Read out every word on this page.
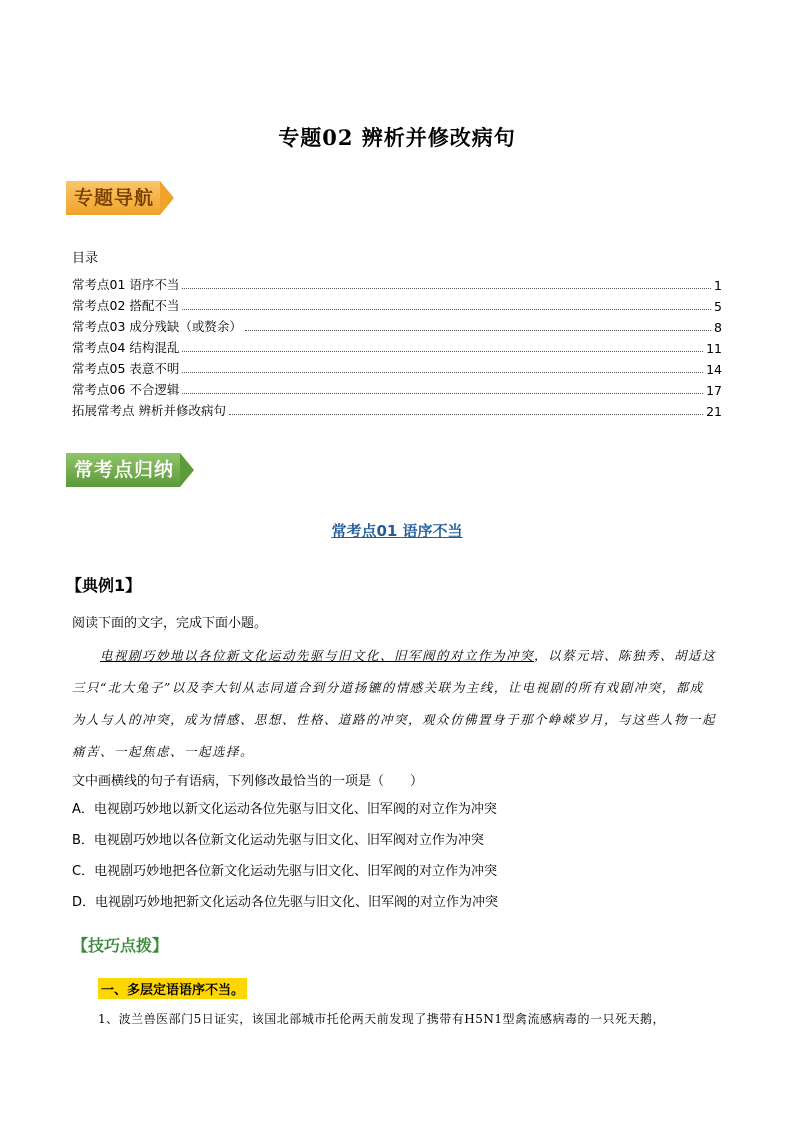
专题02 辨析并修改病句
专题导航
目录
常考点01 语序不当	1
常考点02 搭配不当	5
常考点03 成分残缺（或赘余）	8
常考点04 结构混乱	11
常考点05 表意不明	14
常考点06 不合逻辑	17
拓展常考点 辨析并修改病句	21
常考点归纳
常考点01 语序不当
【典例1】
阅读下面的文字，完成下面小题。
电视剧巧妙地以各位新文化运动先驱与旧文化、旧军阀的对立作为冲突，以蔡元培、陈独秀、胡适这
三只“北大兔子”以及李大钊从志同道合到分道扬镳的情感关联为主线，让电视剧的所有戏剧冲突，都成
为人与人的冲突，成为情感、思想、性格、道路的冲突，观众仿佛置身于那个峥嵘岁月，与这些人物一起
痛苦、一起焦虑、一起选择。
文中画横线的句子有语病，下列修改最恰当的一项是（　　）
A．电视剧巧妙地以新文化运动各位先驱与旧文化、旧军阀的对立作为冲突
B．电视剧巧妙地以各位新文化运动先驱与旧文化、旧军阀对立作为冲突
C．电视剧巧妙地把各位新文化运动先驱与旧文化、旧军阀的对立作为冲突
D．电视剧巧妙地把新文化运动各位先驱与旧文化、旧军阀的对立作为冲突
【技巧点拨】
一、多层定语语序不当。
1、波兰兽医部门5日证实，该国北部城市托伦两天前发现了携带有H5N1型禽流感病毒的一只死天鹅，
